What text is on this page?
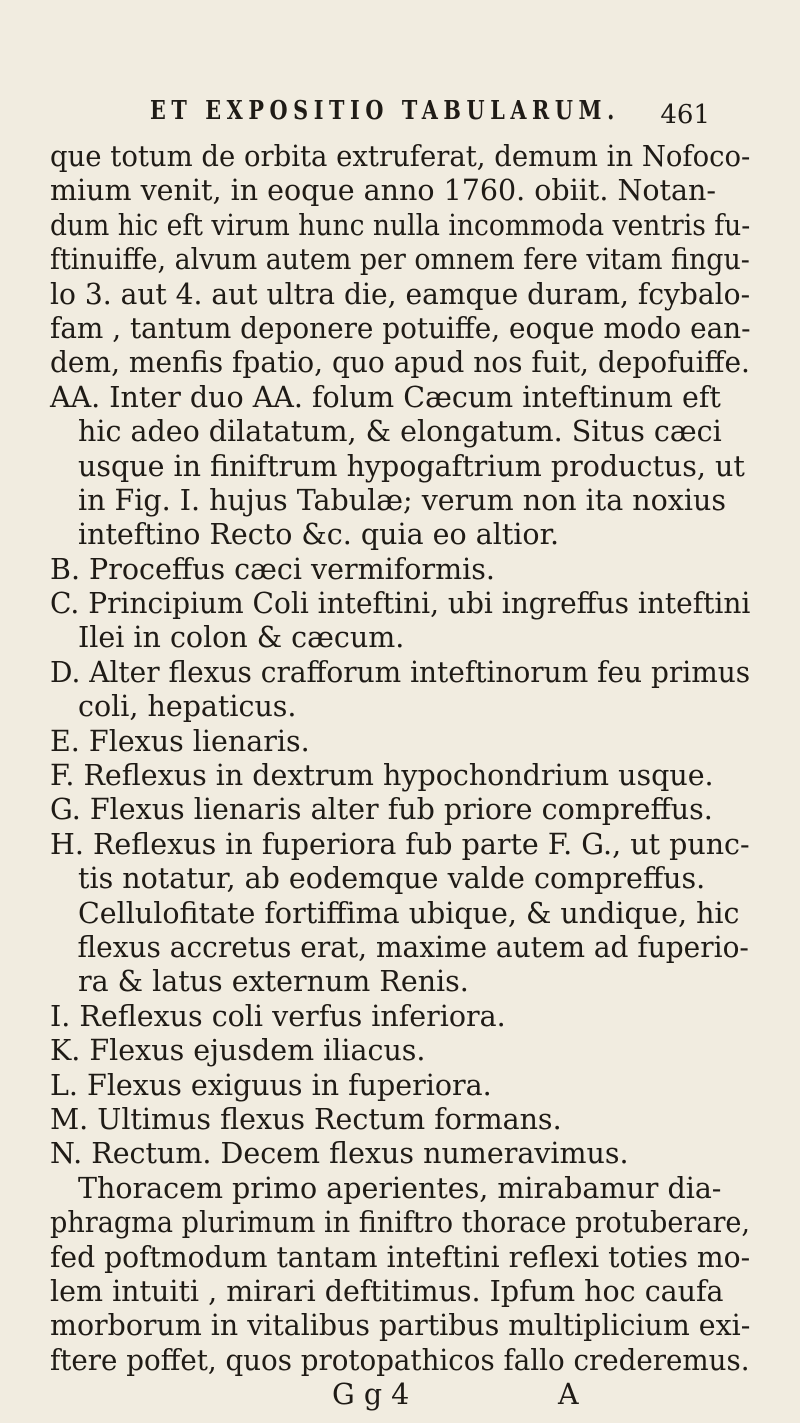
ET EXPOSITIO TABULARUM. 461
que totum de orbita extruferat, demum in Nofoco-
mium venit, in eoque anno 1760. obiit. Notan-
dum hic eft virum hunc nulla incommoda ventris fu-
ftinuiffe, alvum autem per omnem fere vitam fingu-
lo 3. aut 4. aut ultra die, eamque duram, fcybalo-
fam , tantum deponere potuiffe, eoque modo ean-
dem, menfis fpatio, quo apud nos fuit, depofuiffe.
AA. Inter duo AA. folum Cæcum inteftinum eft
hic adeo dilatatum, & elongatum. Situs cæci
usque in finiftrum hypogaftrium productus, ut
in Fig. I. hujus Tabulæ; verum non ita noxius
inteftino Recto &c. quia eo altior.
B. Proceffus cæci vermiformis.
C. Principium Coli inteftini, ubi ingreffus inteftini
Ilei in colon & cæcum.
D. Alter flexus crafforum inteftinorum feu primus
coli, hepaticus.
E. Flexus lienaris.
F. Reflexus in dextrum hypochondrium usque.
G. Flexus lienaris alter fub priore compreffus.
H. Reflexus in fuperiora fub parte F. G., ut punc-
tis notatur, ab eodemque valde compreffus.
Cellulofitate fortiffima ubique, & undique, hic
flexus accretus erat, maxime autem ad fuperio-
ra & latus externum Renis.
I. Reflexus coli verfus inferiora.
K. Flexus ejusdem iliacus.
L. Flexus exiguus in fuperiora.
M. Ultimus flexus Rectum formans.
N. Rectum. Decem flexus numeravimus.
Thoracem primo aperientes, mirabamur dia-
phragma plurimum in finiftro thorace protuberare,
fed poftmodum tantam inteftini reflexi toties mo-
lem intuiti , mirari deftitimus. Ipfum hoc caufa
morborum in vitalibus partibus multiplicium exi-
ftere poffet, quos protopathicos fallo crederemus.
G g 4	A
